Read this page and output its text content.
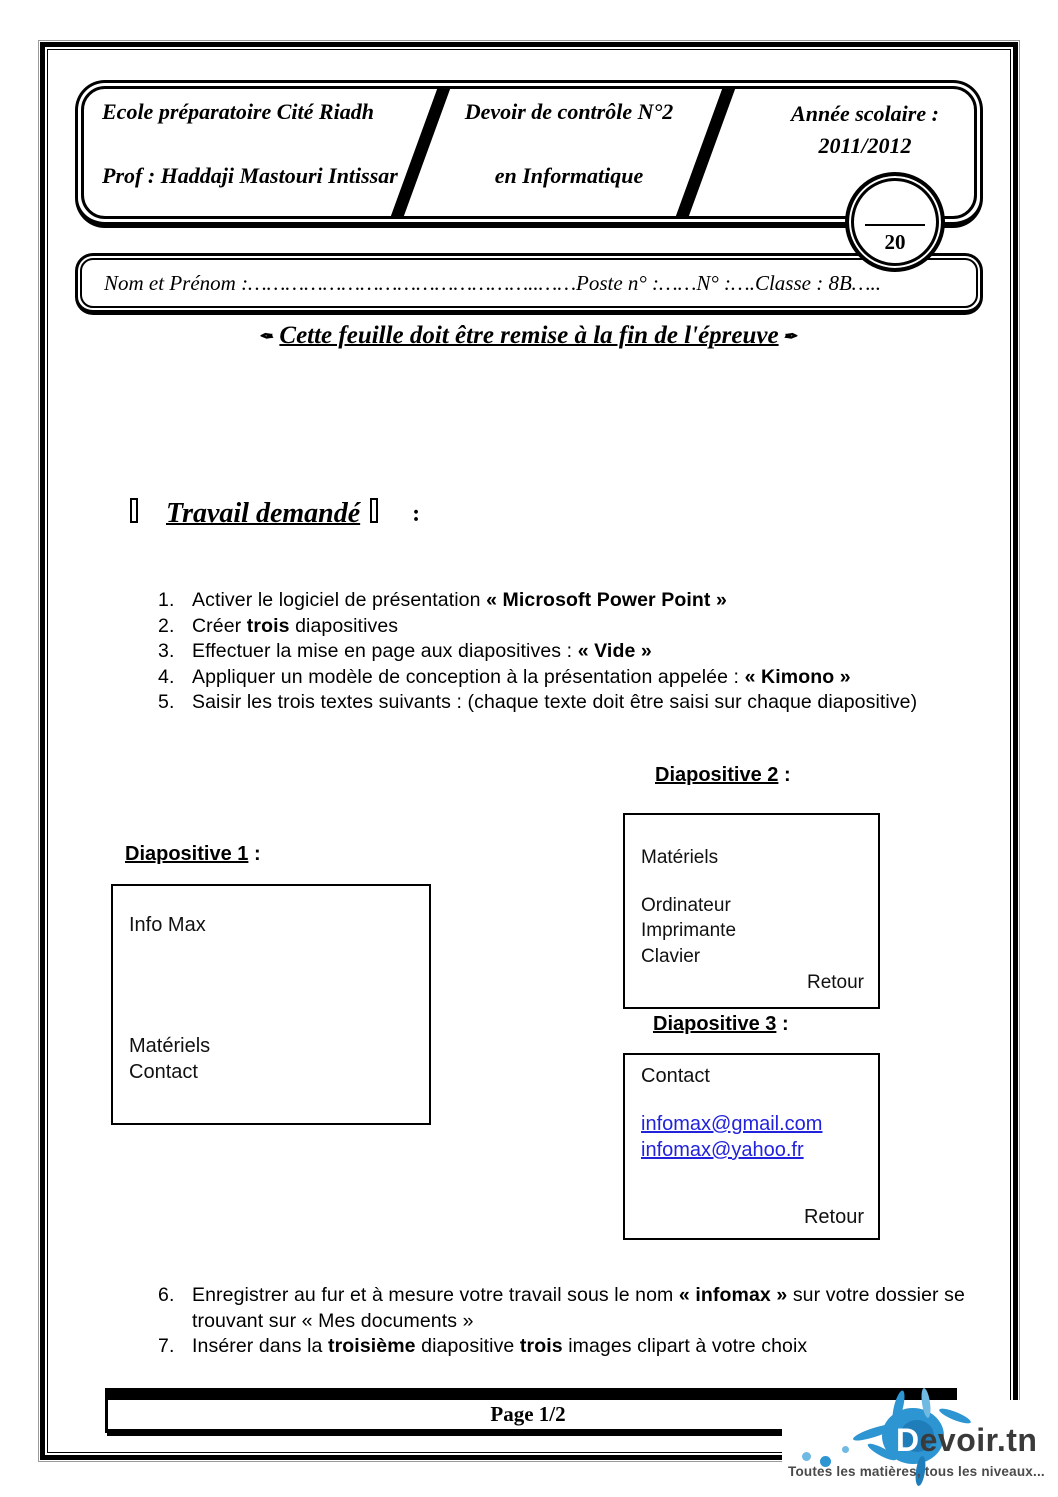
Ecole préparatoire Cité Riadh
Prof : Haddaji Mastouri Intissar
Devoir de contrôle N°2
en Informatique
Année scolaire :
2011/2012
20
Nom et Prénom :………………………………………..……Poste n° :……N° :….Classe : 8B…..
✒ Cette feuille doit être remise à la fin de l'épreuve ✒
Travail demandé :
1. Activer le logiciel de présentation « Microsoft Power Point »
2. Créer trois diapositives
3. Effectuer la mise en page aux diapositives : « Vide »
4. Appliquer un modèle de conception à la présentation appelée : « Kimono »
5. Saisir les trois textes suivants : (chaque texte doit être saisi sur chaque diapositive)
Diapositive 2 :
Diapositive 1 :
Diapositive 3 :
Info Max
Matériels
Contact
Matériels
Ordinateur
Imprimante
Clavier
Retour
Contact
infomax@gmail.com
infomax@yahoo.fr
Retour
6. Enregistrer au fur et à mesure votre travail sous le nom « infomax » sur votre dossier se trouvant sur « Mes documents »
7. Insérer dans la troisième diapositive trois images clipart à votre choix
Page 1/2
Devoir.tn
Toutes les matières, tous les niveaux...
